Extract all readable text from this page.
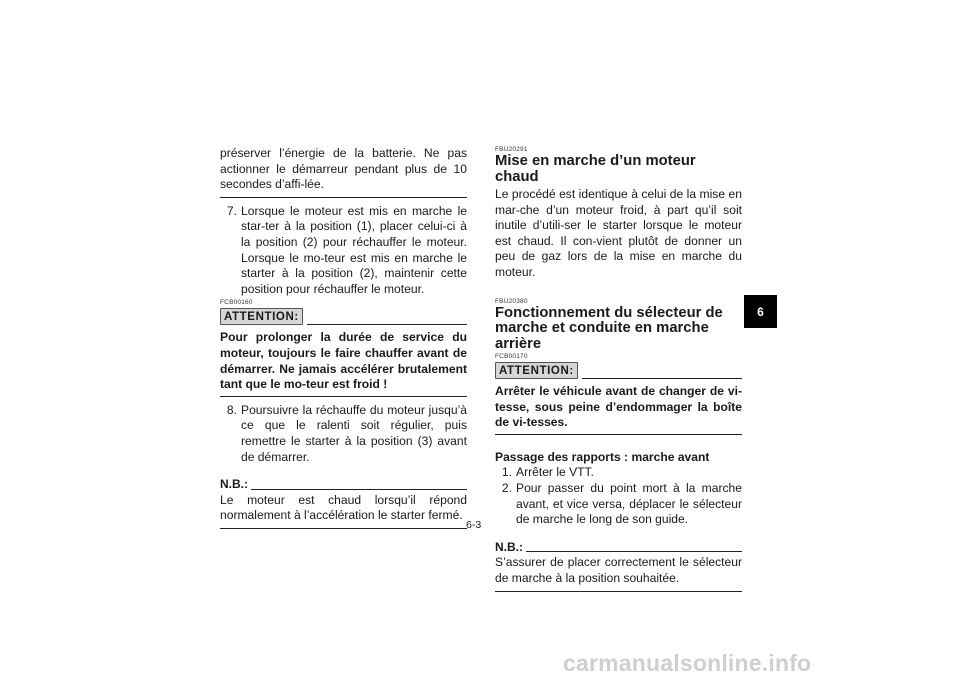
préserver l’énergie de la batterie. Ne pas actionner le démarreur pendant plus de 10 secondes d’affi-lée.

7. Lorsque le moteur est mis en marche le star-ter à la position (1), placer celui-ci à la position (2) pour réchauffer le moteur. Lorsque le mo-teur est mis en marche le starter à la position (2), maintenir cette position pour réchauffer le moteur.
FCB00160
ATTENTION:

Pour prolonger la durée de service du moteur, toujours le faire chauffer avant de démarrer. Ne jamais accélérer brutalement tant que le mo-teur est froid !

8. Poursuivre la réchauffe du moteur jusqu’à ce que le ralenti soit régulier, puis remettre le starter à la position (3) avant de démarrer.
N.B.:

Le moteur est chaud lorsqu’il répond normalement à l’accélération le starter fermé.

FBU20291
Mise en marche d’un moteur chaud

Le procédé est identique à celui de la mise en mar-che d’un moteur froid, à part qu’il soit inutile d’utili-ser le starter lorsque le moteur est chaud. Il con-vient plutôt de donner un peu de gaz lors de la mise en marche du moteur.

FBU20380
Fonctionnement du sélecteur de marche et conduite en marche arrière
FCB00170
ATTENTION:

Arrêter le véhicule avant de changer de vi-tesse, sous peine d’endommager la boîte de vi-tesses.

Passage des rapports : marche avant

1. Arrêter le VTT.
2. Pour passer du point mort à la marche avant, et vice versa, déplacer le sélecteur de marche le long de son guide.
N.B.:

S’assurer de placer correctement le sélecteur de marche à la position souhaitée.

6
6-3
carmanualsonline.info
